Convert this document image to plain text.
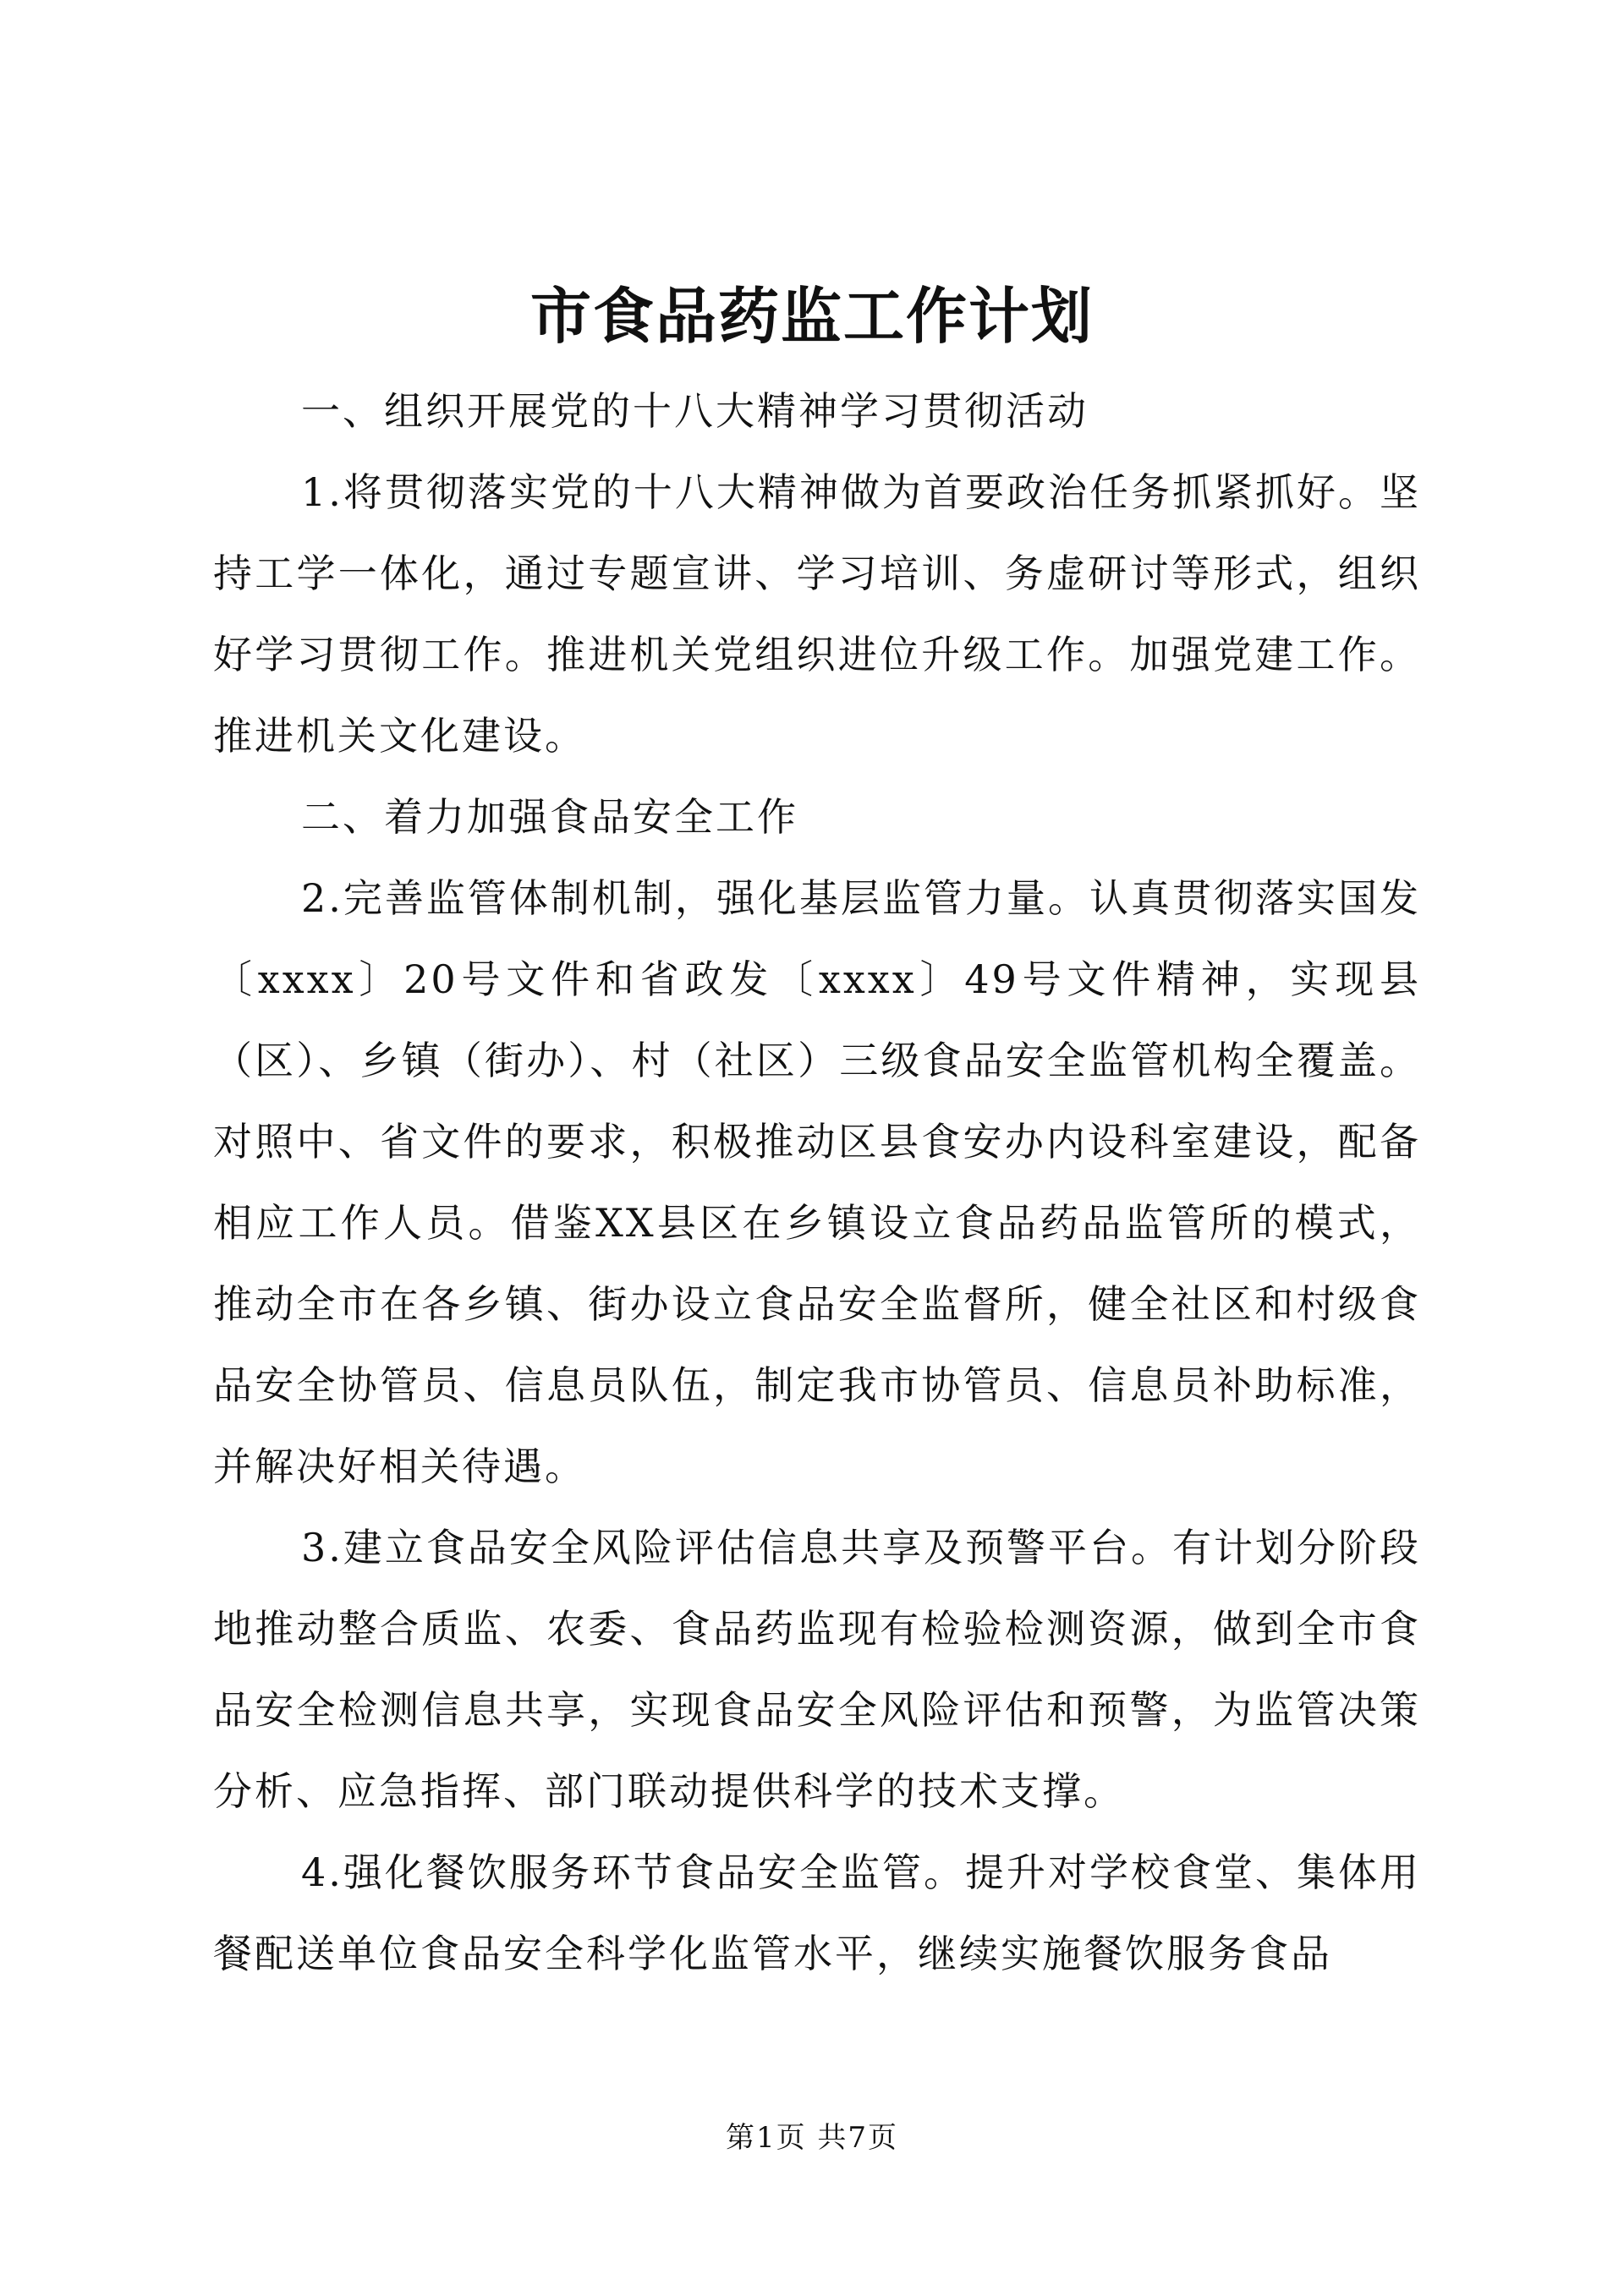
市食品药监工作计划

一、组织开展党的十八大精神学习贯彻活动

1.将贯彻落实党的十八大精神做为首要政治任务抓紧抓好。坚持工学一体化，通过专题宣讲、学习培训、务虚研讨等形式，组织好学习贯彻工作。推进机关党组织进位升级工作。加强党建工作。推进机关文化建设。

二、着力加强食品安全工作

2.完善监管体制机制，强化基层监管力量。认真贯彻落实国发〔xxxx〕20号文件和省政发〔xxxx〕49号文件精神，实现县（区）、乡镇（街办）、村（社区）三级食品安全监管机构全覆盖。对照中、省文件的要求，积极推动区县食安办内设科室建设，配备相应工作人员。借鉴XX县区在乡镇设立食品药品监管所的模式，推动全市在各乡镇、街办设立食品安全监督所，健全社区和村级食品安全协管员、信息员队伍，制定我市协管员、信息员补助标准，并解决好相关待遇。

3.建立食品安全风险评估信息共享及预警平台。有计划分阶段地推动整合质监、农委、食品药监现有检验检测资源，做到全市食品安全检测信息共享，实现食品安全风险评估和预警，为监管决策分析、应急指挥、部门联动提供科学的技术支撑。

4.强化餐饮服务环节食品安全监管。提升对学校食堂、集体用餐配送单位食品安全科学化监管水平，继续实施餐饮服务食品

第1页 共7页
